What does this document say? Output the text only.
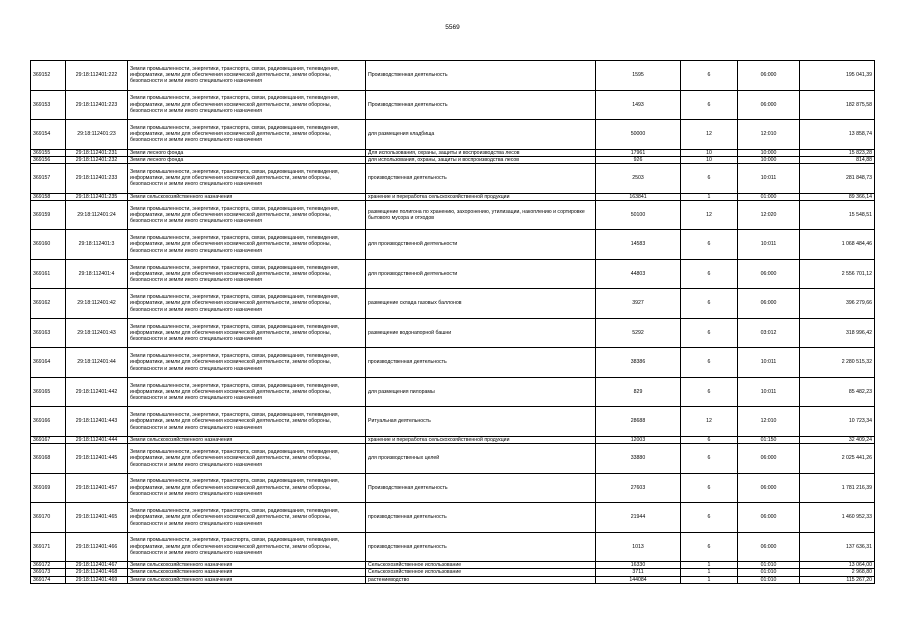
5569
369152	29:18:112401:222	Земли промышленности, энергетики, транспорта, связи, радиовещания, телевидения, информатики, земли для обеспечения космической деятельности, земли обороны, безопасности и земли иного специального назначения	Производственная деятельность	1595	6	06:000	195 041,39
369153	29:18:112401:223	Земли промышленности, энергетики, транспорта, связи, радиовещания, телевидения, информатики, земли для обеспечения космической деятельности, земли обороны, безопасности и земли иного специального назначения	Производственная деятельность	1493	6	06:000	182 875,58
369154	29:18:112401:23	Земли промышленности, энергетики, транспорта, связи, радиовещания, телевидения, информатики, земли для обеспечения космической деятельности, земли обороны, безопасности и земли иного специального назначения	для размещения кладбища	50000	12	12:010	13 858,74
369155	29:18:112401:231	Земли лесного фонда	Для использования, охраны, защиты и воспроизводства лесов	17961	10	10:000	15 823,28
369156	29:18:112401:232	Земли лесного фонда	для использования, охраны, защиты и воспроизводства лесов	926	10	10:000	814,88
369157	29:18:112401:233	Земли промышленности, энергетики, транспорта, связи, радиовещания, телевидения, информатики, земли для обеспечения космической деятельности, земли обороны, безопасности и земли иного специального назначения	производственная деятельность	2503	6	10:011	281 848,73
369158	29:18:112401:235	Земли сельскохозяйственного назначения	хранение и переработка сельскохозяйственной продукции	163841	1	01:000	89 366,14
369159	29:18:112401:24	Земли промышленности, энергетики, транспорта, связи, радиовещания, телевидения, информатики, земли для обеспечения космической деятельности, земли обороны, безопасности и земли иного специального назначения	размещение полигона по хранению, захоронению, утилизации, накоплению и сортировке бытового мусора и отходов	50100	12	12:020	15 548,51
369160	29:18:112401:3	Земли промышленности, энергетики, транспорта, связи, радиовещания, телевидения, информатики, земли для обеспечения космической деятельности, земли обороны, безопасности и земли иного специального назначения	для производственной деятельности	14583	6	10:011	1 068 484,46
369161	29:18:112401:4	Земли промышленности, энергетики, транспорта, связи, радиовещания, телевидения, информатики, земли для обеспечения космической деятельности, земли обороны, безопасности и земли иного специального назначения	для производственной деятельности	44803	6	06:000	2 556 701,12
369162	29:18:112401:42	Земли промышленности, энергетики, транспорта, связи, радиовещания, телевидения, информатики, земли для обеспечения космической деятельности, земли обороны, безопасности и земли иного специального назначения	размещение склада газовых баллонов	3927	6	06:000	396 279,66
369163	29:18:112401:43	Земли промышленности, энергетики, транспорта, связи, радиовещания, телевидения, информатики, земли для обеспечения космической деятельности, земли обороны, безопасности и земли иного специального назначения	размещение водонапорной башни	5292	6	03:012	318 996,42
369164	29:18:112401:44	Земли промышленности, энергетики, транспорта, связи, радиовещания, телевидения, информатики, земли для обеспечения космической деятельности, земли обороны, безопасности и земли иного специального назначения	производственная деятельность	38386	6	10:011	2 280 515,32
369165	29:18:112401:442	Земли промышленности, энергетики, транспорта, связи, радиовещания, телевидения, информатики, земли для обеспечения космической деятельности, земли обороны, безопасности и земли иного специального назначения	для размещения пилорамы	829	6	10:011	85 482,23
369166	29:18:112401:443	Земли промышленности, энергетики, транспорта, связи, радиовещания, телевидения, информатики, земли для обеспечения космической деятельности, земли обороны, безопасности и земли иного специального назначения	Ритуальная деятельность	28688	12	12:010	10 723,34
369167	29:18:112401:444	Земли сельскохозяйственного назначения	хранение и переработка сельскохозяйственной продукции	12003	6	01:150	32 409,24
369168	29:18:112401:445	Земли промышленности, энергетики, транспорта, связи, радиовещания, телевидения, информатики, земли для обеспечения космической деятельности, земли обороны, безопасности и земли иного специального назначения	для производственных целей	33880	6	06:000	2 025 441,26
369169	29:18:112401:457	Земли промышленности, энергетики, транспорта, связи, радиовещания, телевидения, информатики, земли для обеспечения космической деятельности, земли обороны, безопасности и земли иного специального назначения	Производственная деятельность	27603	6	06:000	1 781 216,39
369170	29:18:112401:465	Земли промышленности, энергетики, транспорта, связи, радиовещания, телевидения, информатики, земли для обеспечения космической деятельности, земли обороны, безопасности и земли иного специального назначения	производственная деятельность	21944	6	06:000	1 460 952,33
369171	29:18:112401:466	Земли промышленности, энергетики, транспорта, связи, радиовещания, телевидения, информатики, земли для обеспечения космической деятельности, земли обороны, безопасности и земли иного специального назначения	производственная деятельность	1013	6	06:000	137 636,31
369172	29:18:112401:467	Земли сельскохозяйственного назначения	Сельскохозяйственное использование	16330	1	01:010	13 064,00
369173	29:18:112401:468	Земли сельскохозяйственного назначения	Сельскохозяйственное использование	3711	1	01:010	2 968,80
369174	29:18:112401:469	Земли сельскохозяйственного назначения	растениеводство	144084	1	01:010	115 267,20
